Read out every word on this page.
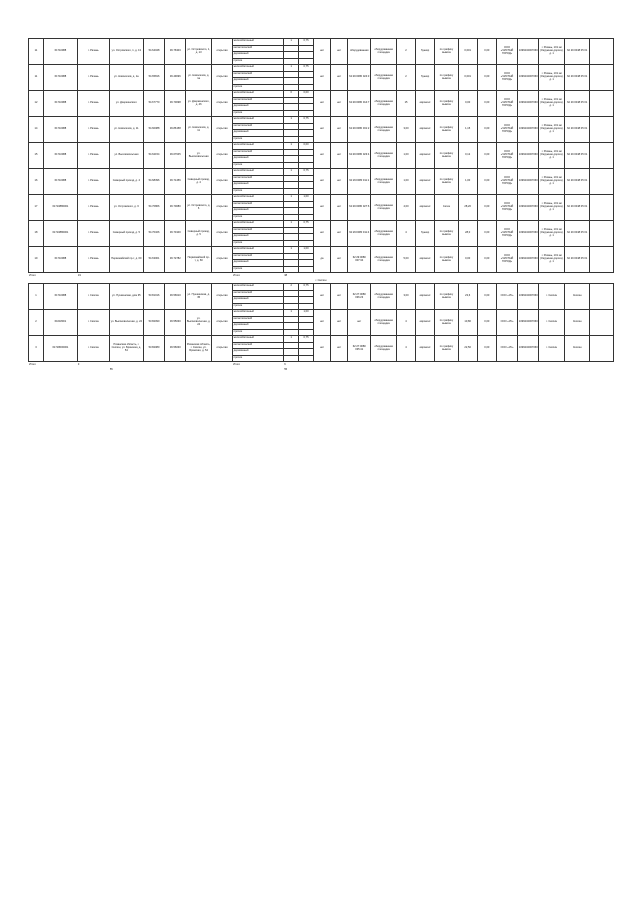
11	61710088	г. Рязань	ул. Островского, 1, д. 13	54.64048	39.76303	ул. Островского, 1, д. 13	открытая	железобетонный	1	0,75	нет	нет	оборудованная	оборудованная площадка	2	бункер	по графику вывоза	0,001	0,00	ООО «ЧИСТЫЙ ГОРОД»	1096234007060	г. Рязань, 101 км (Окружная дорога), д. 1	62 29 0048 05 01	
								металлический																
								деревянный																
								прочие																
11	61710088	г. Рязань	ул. Новоселов, д. 1а	54.65816	39.49096	ул. Новоселов, д. 1а	открытая	железобетонный	1	0,75	нет	нет	62:29:0080 024:3	оборудованная площадка	2	бункер	по графику вывоза	0,001	0,00	ООО «ЧИСТЫЙ ГОРОД»	1096234007060	г. Рязань, 101 км (Окружная дорога), д. 1	62 29 0048 05 01	
								металлический																
								деревянный																
								прочие																
12	61710088	г. Рязань	ул. Дзержинского	54.67770	39.70098	ул. Дзержинского, д. 46	открытая	железобетонный	0	0,00	нет	нет	62:29:0080 014:7	оборудованная площадка	15	евроконт	по графику вывоза	0,00	0,00	ООО «ЧИСТЫЙ ГОРОД»	1096234007060	г. Рязань, 101 км (Окружная дорога), д. 1	62 29 0048 05 01	
								металлический																
								деревянный																
								прочие																
14	61710088	г. Рязань	ул. Новоселов, д. 11	54.60088	39.86158	ул. Новоселов, д. 11	открытая	железобетонный	1	0,75	нет	нет	62:29:0080 031:2	оборудованная площадка	3,00	евроконт	по графику вывоза	1,15	0,00	ООО «ЧИСТЫЙ ГОРОД»	1096234007060	г. Рязань, 101 км (Окружная дорога), д. 1	62 29 0048 05 01	
								металлический																
								деревянный																
								прочие																
15	61710088	г. Рязань	ул. Высоковольтная	54.62154	39.67645	ул. Высоковольтная	открытая	железобетонный	1	0,00	нет	нет	62:29:0080 023:4	оборудованная площадка	1,00	евроконт	по графику вывоза	0,12	0,00	ООО «ЧИСТЫЙ ГОРОД»	1096234007060	г. Рязань, 101 км (Окружная дорога), д. 1	62 29 0048 05 01	
								металлический																
								деревянный																
								прочие																
16	61710088	г. Рязань	Северный проезд, д. 4	54.68396	39.71456	Северный проезд, д. 4	открытая	железобетонный	1	0,75	нет	нет	62:29:0080 011:1	оборудованная площадка	1,00	евроконт	по графику вывоза	1,00	0,00	ООО «ЧИСТЫЙ ГОРОД»	1096234007060	г. Рязань, 101 км (Окружная дорога), д. 1	62 29 0048 05 01	
								металлический																
								деревянный																
								прочие																
17	61710880001	г. Рязань	ул. Островского, д. 6	54.70866	39.70080	ул. Островского, д. 6	открытая	железобетонный	1	1,00	нет	нет	62:29:0080 027:6	оборудованная площадка	4,00	евроконт	Сетка	28,20	0,00	ООО «ЧИСТЫЙ ГОРОД»	1096234007060	г. Рязань, 101 км (Окружная дорога), д. 1	62 29 0048 05 01	
								металлический																
								деревянный																
								прочие																
18	61710880001	г. Рязань	Северный проезд, д. 5	54.70326	39.70100	Северный проезд, д. 5	открытая	железобетонный	1	0,75	нет	нет	62:29:0080 011:4	оборудованная площадка	4	бункер	по графику вывоза	28,0	0,00	ООО «ЧИСТЫЙ ГОРОД»	1096234007060	г. Рязань, 101 км (Окружная дорога), д. 1	62 29 0048 05 01	
								металлический																
								деревянный																
								прочие																
19	61710088	г. Рязань	Первомайский пр-т, д. 60	54.63001	39.72782	Первомайский пр-т, д. 60	открытая	железобетонный	1	1,00	да	нет	62:29:0080 007:34	оборудованная площадка	5,00	евроконт	по графику вывоза	0,00	0,00	ООО «ЧИСТЫЙ ГОРОД»	1096234007060	г. Рязань, 101 км (Окружная дорога), д. 1	62 29 0048 05 01	
								металлический																
								деревянный																
								прочие																
Итого		19						Итого	38															
г. Скопин																								
1	61710088	г. Скопин	ул. Пушкинская, дом 35	53.81016	39.56610	ул. Пушкинская, д. 35	открытая	железобетонный	2	0,75	нет	нет	62:27:0080 036:23	оборудованная площадка	3,00	евроконт	по графику вывоза	23,6	0,00	ООО «УК»	1096234007060	г. Скопин	Скопин	
								металлический																
								деревянный																
								прочие																
2	61618001	г. Скопин	ул. Высоковольтная, д. 24	53.82090	39.55030	ул. Высоковольтная, д. 24	открытая	железобетонный	1	1,00	нет	нет	нет	оборудованная площадка	4	евроконт	по графику вывоза	10,80	0,00	ООО «УК»	1096234007060	г. Скопин	Скопин	
								металлический																
								деревянный																
								прочие																
3	61718000001	г. Скопин	Рязанская область, г. Скопин, ул. Брянская, д. 54	53.82080	39.56030	Рязанская область, г. Скопин, ул. Брянская, д. 54	открытая	железобетонный	1	0,75	нет	нет	62:27:0080 035:41	оборудованная площадка	4	евроконт	по графику вывоза	22,50	0,00	ООО «УК»	1096234007060	г. Скопин	Скопин	
								металлический																
								деревянный																
								прочие																
Итого		3						Итого	6															
			55						55															
